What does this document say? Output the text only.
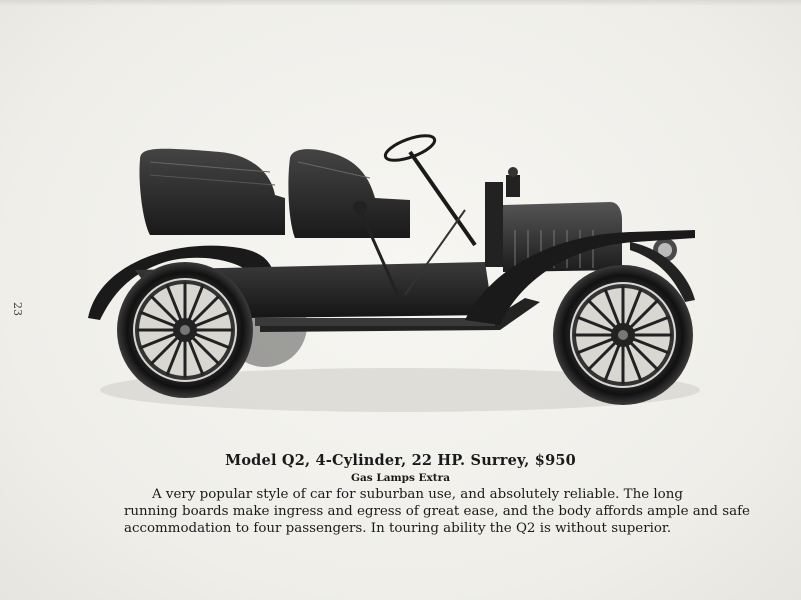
23
Model Q2, 4-Cylinder, 22 HP. Surrey, $950
Gas Lamps Extra
A very popular style of car for suburban use, and absolutely reliable. The long
running boards make ingress and egress of great ease, and the body affords ample and safe
accommodation to four passengers. In touring ability the Q2 is without superior.
